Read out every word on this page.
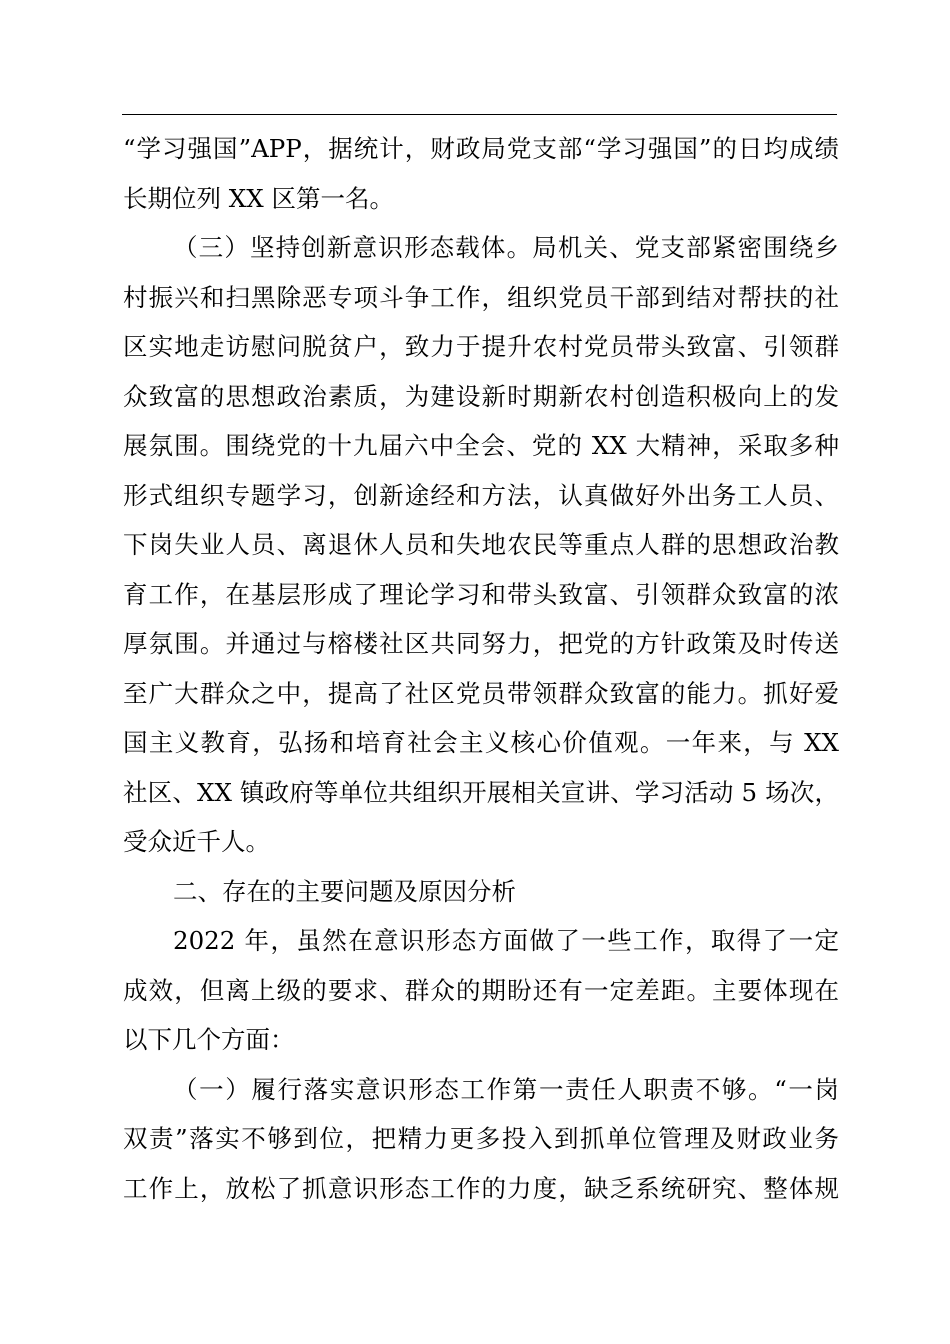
“学习强国”APP，据统计，财政局党支部“学习强国”的日均成绩
长期位列 XX 区第一名。
（三）坚持创新意识形态载体。局机关、党支部紧密围绕乡
村振兴和扫黑除恶专项斗争工作，组织党员干部到结对帮扶的社
区实地走访慰问脱贫户，致力于提升农村党员带头致富、引领群
众致富的思想政治素质，为建设新时期新农村创造积极向上的发
展氛围。围绕党的十九届六中全会、党的 XX 大精神，采取多种
形式组织专题学习，创新途经和方法，认真做好外出务工人员、
下岗失业人员、离退休人员和失地农民等重点人群的思想政治教
育工作，在基层形成了理论学习和带头致富、引领群众致富的浓
厚氛围。并通过与榕楼社区共同努力，把党的方针政策及时传送
至广大群众之中，提高了社区党员带领群众致富的能力。抓好爱
国主义教育，弘扬和培育社会主义核心价值观。一年来，与 XX
社区、XX 镇政府等单位共组织开展相关宣讲、学习活动 5 场次，
受众近千人。
二、存在的主要问题及原因分析
2022 年，虽然在意识形态方面做了一些工作，取得了一定
成效，但离上级的要求、群众的期盼还有一定差距。主要体现在
以下几个方面：
（一）履行落实意识形态工作第一责任人职责不够。“一岗
双责”落实不够到位，把精力更多投入到抓单位管理及财政业务
工作上，放松了抓意识形态工作的力度，缺乏系统研究、整体规
